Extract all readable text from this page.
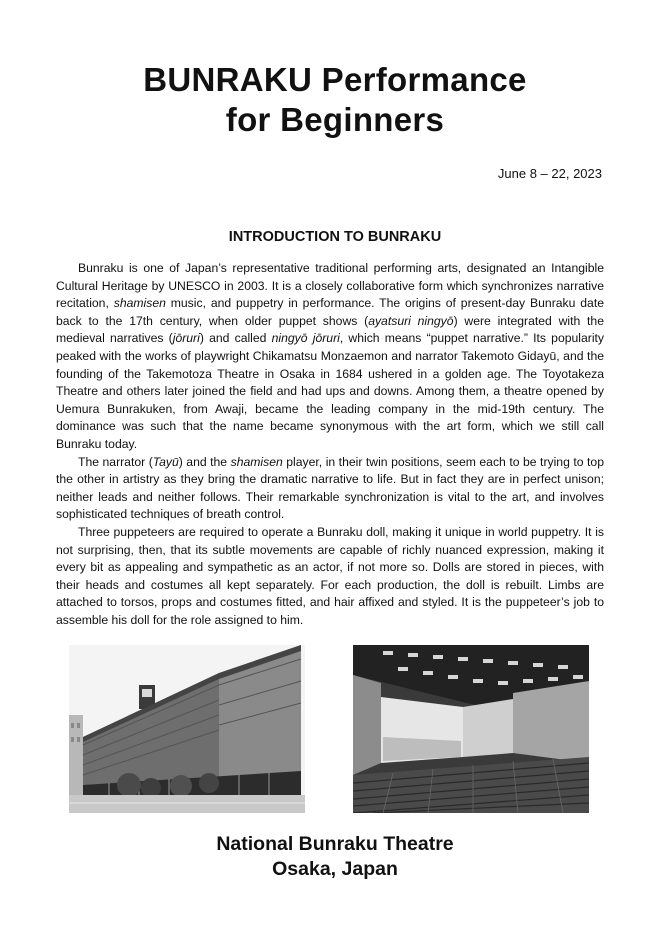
BUNRAKU Performance
for Beginners
June 8 – 22, 2023
INTRODUCTION TO BUNRAKU

Bunraku is one of Japan’s representative traditional performing arts, designated an Intangible Cultural Heritage by UNESCO in 2003. It is a closely collaborative form which synchronizes narrative recitation, shamisen music, and puppetry in performance. The origins of present-day Bunraku date back to the 17th century, when older puppet shows (ayatsuri ningyō) were integrated with the medieval narratives (jōruri) and called ningyō jōruri, which means “puppet narrative.” Its popularity peaked with the works of playwright Chikamatsu Monzaemon and narrator Takemoto Gidayū, and the founding of the Takemotoza Theatre in Osaka in 1684 ushered in a golden age. The Toyotakeza Theatre and others later joined the field and had ups and downs. Among them, a theatre opened by Uemura Bunrakuken, from Awaji, became the leading company in the mid-19th century. The dominance was such that the name became synonymous with the art form, which we still call Bunraku today.

The narrator (Tayū) and the shamisen player, in their twin positions, seem each to be trying to top the other in artistry as they bring the dramatic narrative to life. But in fact they are in perfect unison; neither leads and neither follows. Their remarkable synchronization is vital to the art, and involves sophisticated techniques of breath control.

Three puppeteers are required to operate a Bunraku doll, making it unique in world puppetry. It is not surprising, then, that its subtle movements are capable of richly nuanced expression, making it every bit as appealing and sympathetic as an actor, if not more so. Dolls are stored in pieces, with their heads and costumes all kept separately. For each production, the doll is rebuilt. Limbs are attached to torsos, props and costumes fitted, and hair affixed and styled. It is the puppeteer’s job to assemble his doll for the role assigned to him.

National Bunraku Theatre
Osaka, Japan
